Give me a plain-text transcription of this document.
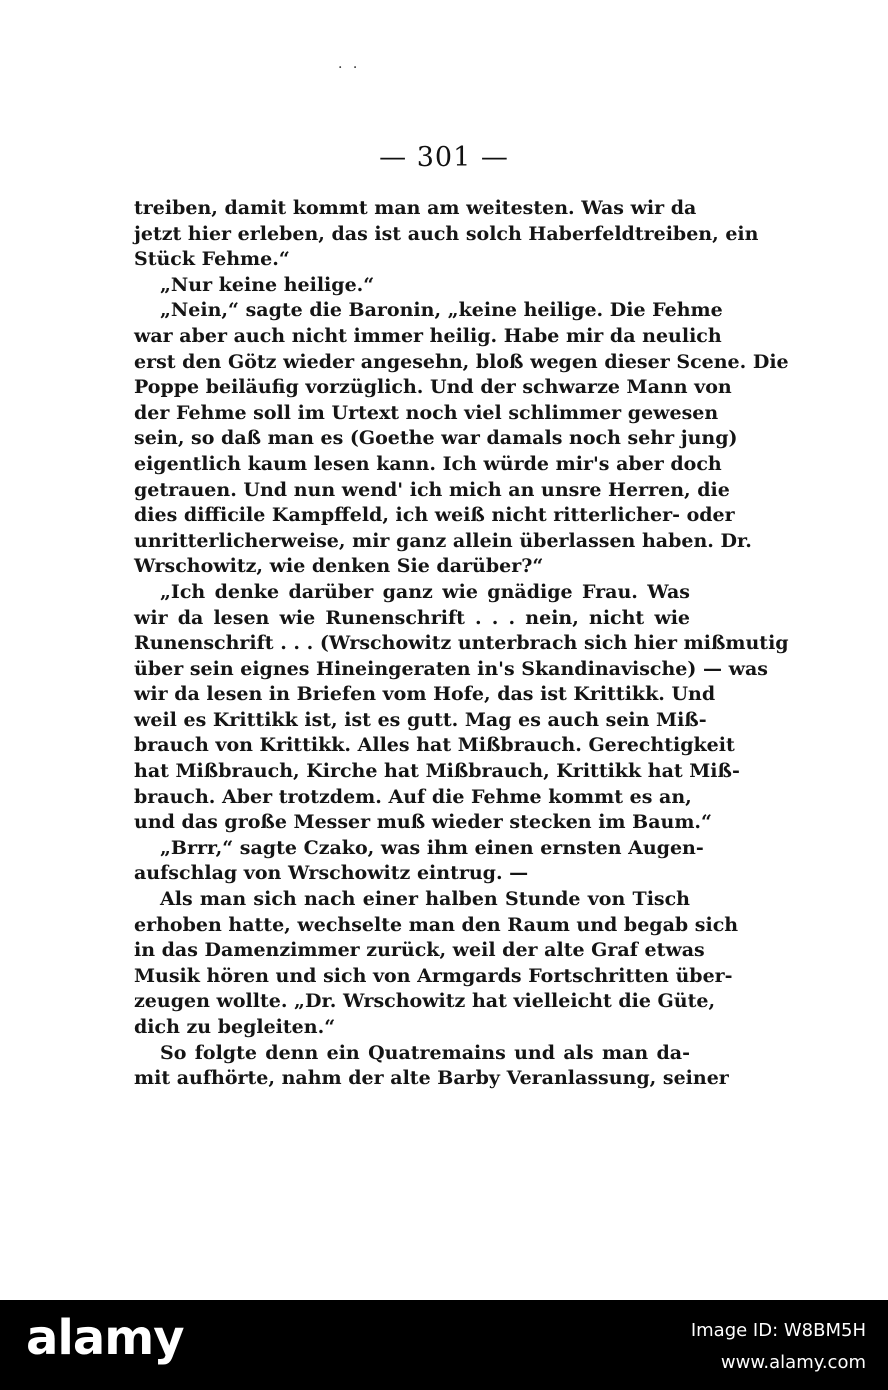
· ·
— 301 —
treiben, damit kommt man am weitesten. Was wir da
jetzt hier erleben, das ist auch solch Haberfeldtreiben, ein
Stück Fehme.“
„Nur keine heilige.“
„Nein,“ sagte die Baronin, „keine heilige. Die Fehme
war aber auch nicht immer heilig. Habe mir da neulich
erst den Götz wieder angesehn, bloß wegen dieser Scene. Die
Poppe beiläufig vorzüglich. Und der schwarze Mann von
der Fehme soll im Urtext noch viel schlimmer gewesen
sein, so daß man es (Goethe war damals noch sehr jung)
eigentlich kaum lesen kann. Ich würde mir's aber doch
getrauen. Und nun wend' ich mich an unsre Herren, die
dies difficile Kampffeld, ich weiß nicht ritterlicher- oder
unritterlicherweise, mir ganz allein überlassen haben. Dr.
Wrschowitz, wie denken Sie darüber?“
„Ich denke darüber ganz wie gnädige Frau. Was
wir da lesen wie Runenschrift . . . nein, nicht wie
Runenschrift . . . (Wrschowitz unterbrach sich hier mißmutig
über sein eignes Hineingeraten in's Skandinavische) — was
wir da lesen in Briefen vom Hofe, das ist Krittikk. Und
weil es Krittikk ist, ist es gutt. Mag es auch sein Miß-
brauch von Krittikk. Alles hat Mißbrauch. Gerechtigkeit
hat Mißbrauch, Kirche hat Mißbrauch, Krittikk hat Miß-
brauch. Aber trotzdem. Auf die Fehme kommt es an,
und das große Messer muß wieder stecken im Baum.“
„Brrr,“ sagte Czako, was ihm einen ernsten Augen-
aufschlag von Wrschowitz eintrug. —
Als man sich nach einer halben Stunde von Tisch
erhoben hatte, wechselte man den Raum und begab sich
in das Damenzimmer zurück, weil der alte Graf etwas
Musik hören und sich von Armgards Fortschritten über-
zeugen wollte. „Dr. Wrschowitz hat vielleicht die Güte,
dich zu begleiten.“
So folgte denn ein Quatremains und als man da-
mit aufhörte, nahm der alte Barby Veranlassung, seiner
alamy	Image ID: W8BM5H
www.alamy.com
